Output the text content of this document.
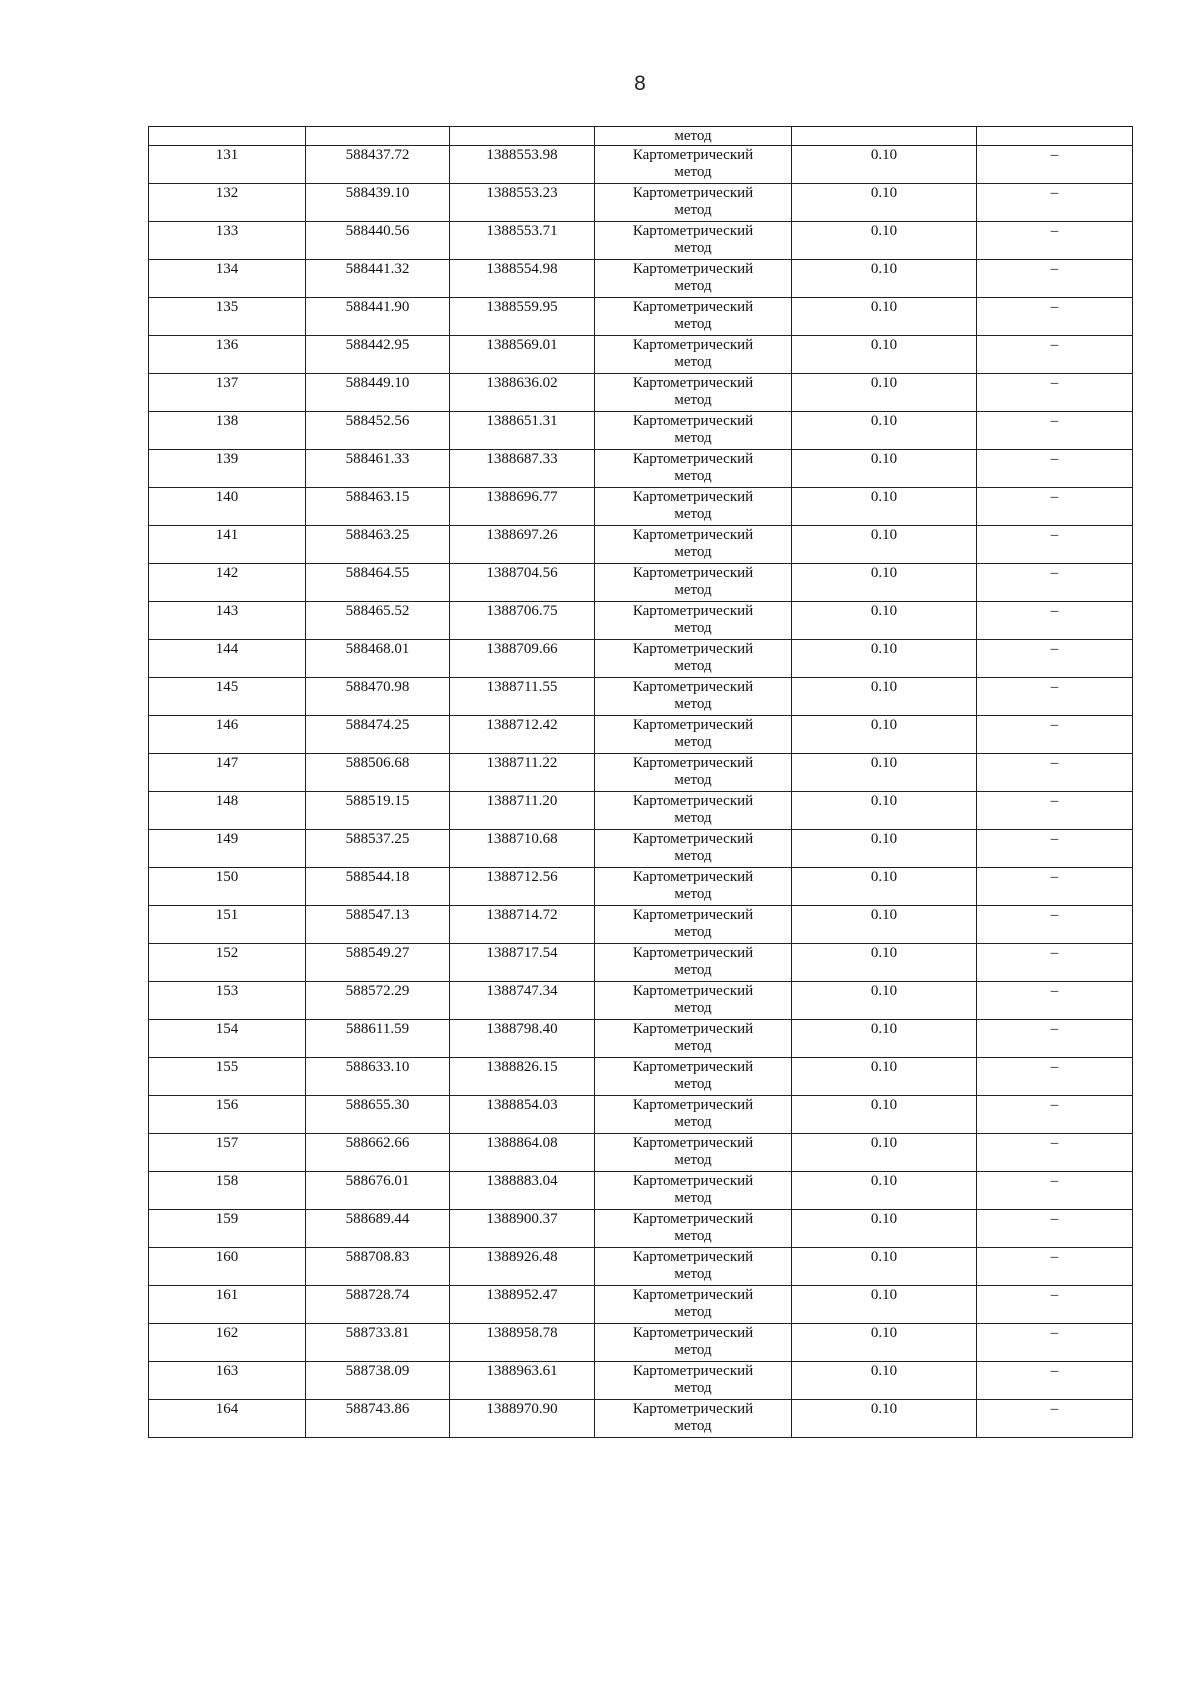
8

			метод		

131	588437.72	1388553.98	Картометрический
метод	0.10	–

132	588439.10	1388553.23	Картометрический
метод	0.10	–

133	588440.56	1388553.71	Картометрический
метод	0.10	–

134	588441.32	1388554.98	Картометрический
метод	0.10	–

135	588441.90	1388559.95	Картометрический
метод	0.10	–

136	588442.95	1388569.01	Картометрический
метод	0.10	–

137	588449.10	1388636.02	Картометрический
метод	0.10	–

138	588452.56	1388651.31	Картометрический
метод	0.10	–

139	588461.33	1388687.33	Картометрический
метод	0.10	–

140	588463.15	1388696.77	Картометрический
метод	0.10	–

141	588463.25	1388697.26	Картометрический
метод	0.10	–

142	588464.55	1388704.56	Картометрический
метод	0.10	–

143	588465.52	1388706.75	Картометрический
метод	0.10	–

144	588468.01	1388709.66	Картометрический
метод	0.10	–

145	588470.98	1388711.55	Картометрический
метод	0.10	–

146	588474.25	1388712.42	Картометрический
метод	0.10	–

147	588506.68	1388711.22	Картометрический
метод	0.10	–

148	588519.15	1388711.20	Картометрический
метод	0.10	–

149	588537.25	1388710.68	Картометрический
метод	0.10	–

150	588544.18	1388712.56	Картометрический
метод	0.10	–

151	588547.13	1388714.72	Картометрический
метод	0.10	–

152	588549.27	1388717.54	Картометрический
метод	0.10	–

153	588572.29	1388747.34	Картометрический
метод	0.10	–

154	588611.59	1388798.40	Картометрический
метод	0.10	–

155	588633.10	1388826.15	Картометрический
метод	0.10	–

156	588655.30	1388854.03	Картометрический
метод	0.10	–

157	588662.66	1388864.08	Картометрический
метод	0.10	–

158	588676.01	1388883.04	Картометрический
метод	0.10	–

159	588689.44	1388900.37	Картометрический
метод	0.10	–

160	588708.83	1388926.48	Картометрический
метод	0.10	–

161	588728.74	1388952.47	Картометрический
метод	0.10	–

162	588733.81	1388958.78	Картометрический
метод	0.10	–

163	588738.09	1388963.61	Картометрический
метод	0.10	–

164	588743.86	1388970.90	Картометрический
метод	0.10	–
